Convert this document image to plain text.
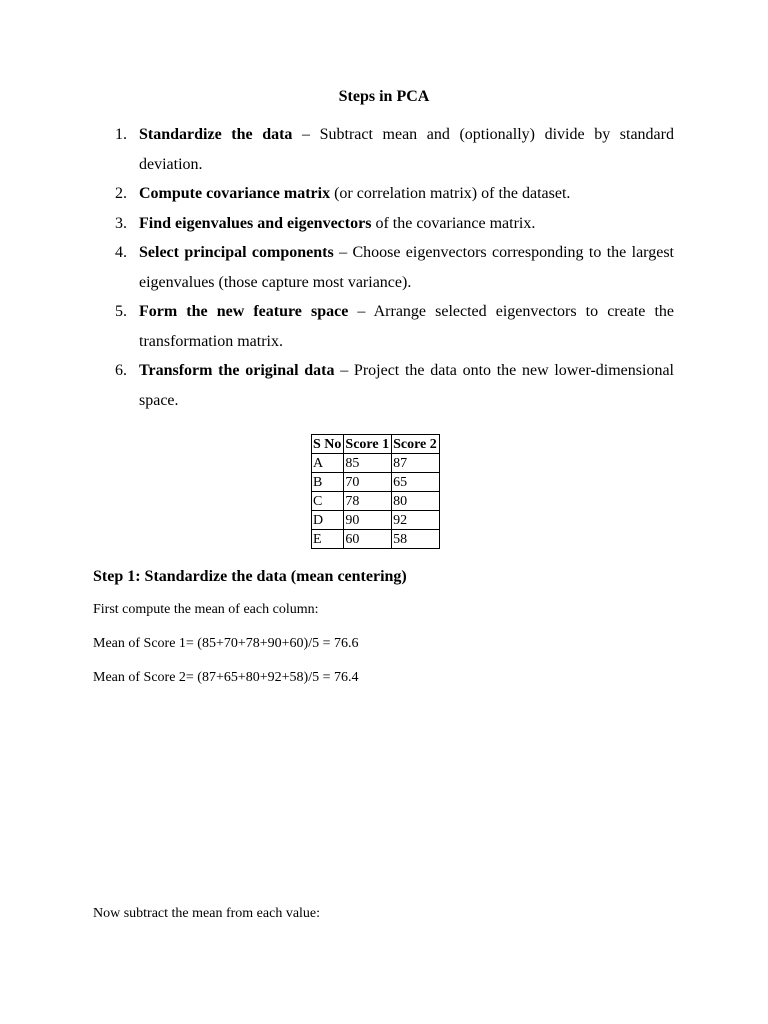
Steps in PCA
1. Standardize the data – Subtract mean and (optionally) divide by standard deviation.
2. Compute covariance matrix (or correlation matrix) of the dataset.
3. Find eigenvalues and eigenvectors of the covariance matrix.
4. Select principal components – Choose eigenvectors corresponding to the largest eigenvalues (those capture most variance).
5. Form the new feature space – Arrange selected eigenvectors to create the transformation matrix.
6. Transform the original data – Project the data onto the new lower-dimensional space.
S No	Score 1	Score 2
A	85	87
B	70	65
C	78	80
D	90	92
E	60	58
Step 1: Standardize the data (mean centering)

First compute the mean of each column:

Mean of Score 1= (85+70+78+90+60)/5 = 76.6

Mean of Score 2= (87+65+80+92+58)/5 = 76.4

Now subtract the mean from each value:
